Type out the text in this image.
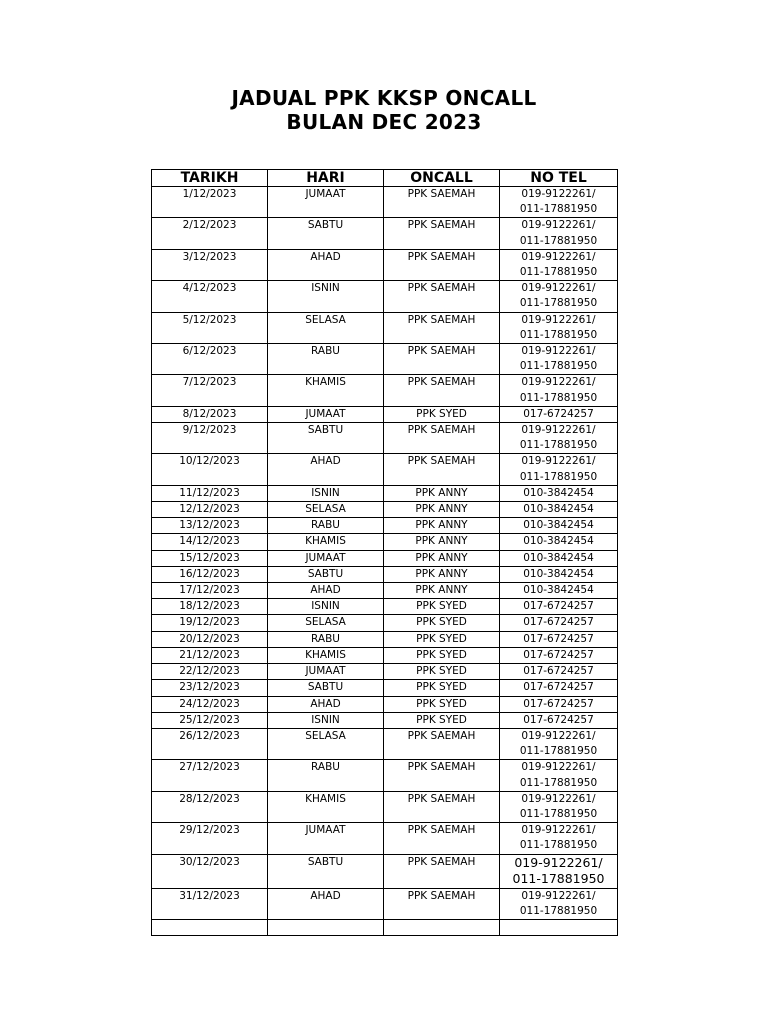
JADUAL PPK KKSP ONCALL
BULAN DEC 2023
TARIKH	HARI	ONCALL	NO TEL
1/12/2023	JUMAAT	PPK SAEMAH	019-9122261/
011-17881950

2/12/2023	SABTU	PPK SAEMAH	019-9122261/
011-17881950

3/12/2023	AHAD	PPK SAEMAH	019-9122261/
011-17881950

4/12/2023	ISNIN	PPK SAEMAH	019-9122261/
011-17881950

5/12/2023	SELASA	PPK SAEMAH	019-9122261/
011-17881950

6/12/2023	RABU	PPK SAEMAH	019-9122261/
011-17881950

7/12/2023	KHAMIS	PPK SAEMAH	019-9122261/
011-17881950

8/12/2023	JUMAAT	PPK SYED	017-6724257

9/12/2023	SABTU	PPK SAEMAH	019-9122261/
011-17881950

10/12/2023	AHAD	PPK SAEMAH	019-9122261/
011-17881950

11/12/2023	ISNIN	PPK ANNY	010-3842454

12/12/2023	SELASA	PPK ANNY	010-3842454

13/12/2023	RABU	PPK ANNY	010-3842454

14/12/2023	KHAMIS	PPK ANNY	010-3842454

15/12/2023	JUMAAT	PPK ANNY	010-3842454

16/12/2023	SABTU	PPK ANNY	010-3842454

17/12/2023	AHAD	PPK ANNY	010-3842454

18/12/2023	ISNIN	PPK SYED	017-6724257

19/12/2023	SELASA	PPK SYED	017-6724257

20/12/2023	RABU	PPK SYED	017-6724257

21/12/2023	KHAMIS	PPK SYED	017-6724257

22/12/2023	JUMAAT	PPK SYED	017-6724257

23/12/2023	SABTU	PPK SYED	017-6724257

24/12/2023	AHAD	PPK SYED	017-6724257

25/12/2023	ISNIN	PPK SYED	017-6724257

26/12/2023	SELASA	PPK SAEMAH	019-9122261/
011-17881950

27/12/2023	RABU	PPK SAEMAH	019-9122261/
011-17881950

28/12/2023	KHAMIS	PPK SAEMAH	019-9122261/
011-17881950

29/12/2023	JUMAAT	PPK SAEMAH	019-9122261/
011-17881950

30/12/2023	SABTU	PPK SAEMAH	019-9122261/
011-17881950

31/12/2023	AHAD	PPK SAEMAH	019-9122261/
011-17881950
